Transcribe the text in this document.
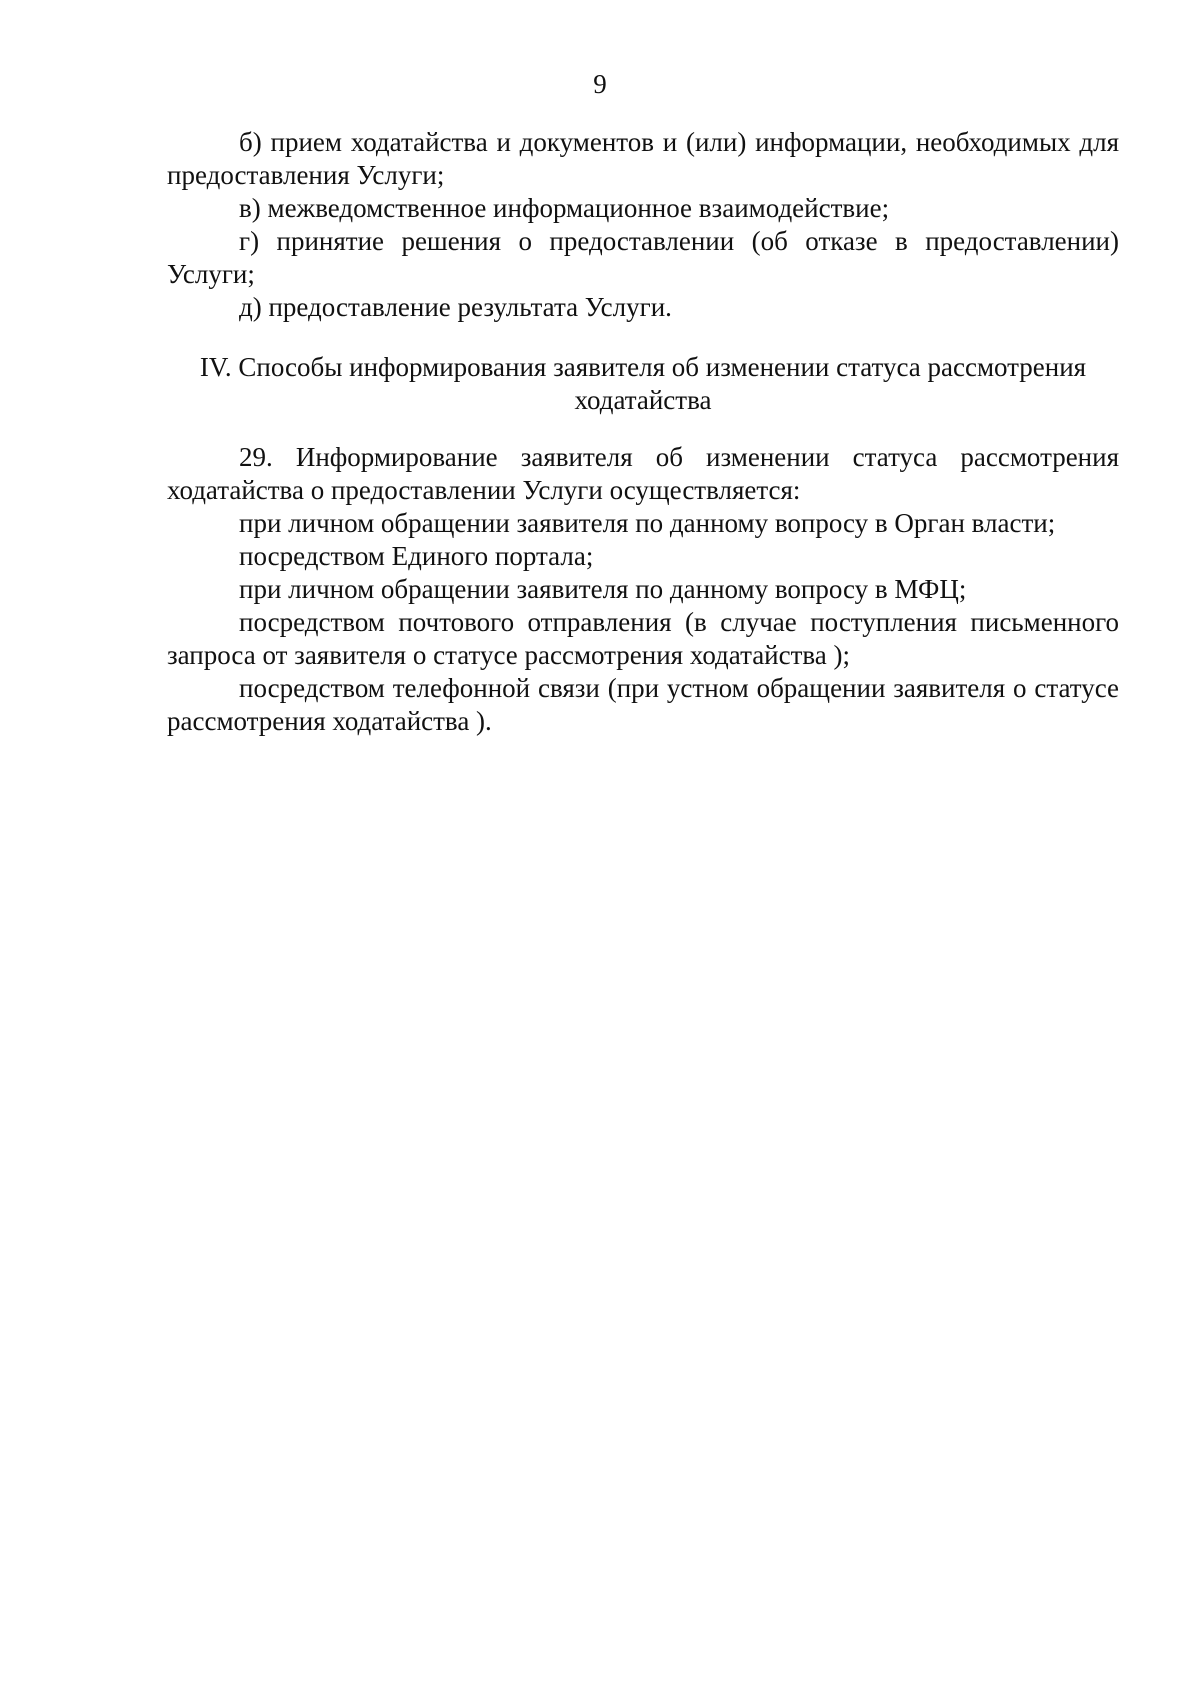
9

б) прием ходатайства и документов и (или) информации, необходимых для предоставления Услуги;

в) межведомственное информационное взаимодействие;

г) принятие решения о предоставлении (об отказе в предоставлении) Услуги;

д) предоставление результата Услуги.

IV. Способы информирования заявителя об изменении статуса рассмотрения ходатайства

29. Информирование заявителя об изменении статуса рассмотрения ходатайства о предоставлении Услуги осуществляется:

при личном обращении заявителя по данному вопросу в Орган власти;

посредством Единого портала;

при личном обращении заявителя по данному вопросу в МФЦ;

посредством почтового отправления (в случае поступления письменного запроса от заявителя о статусе рассмотрения ходатайства );

посредством телефонной связи (при устном обращении заявителя о статусе рассмотрения ходатайства ).
